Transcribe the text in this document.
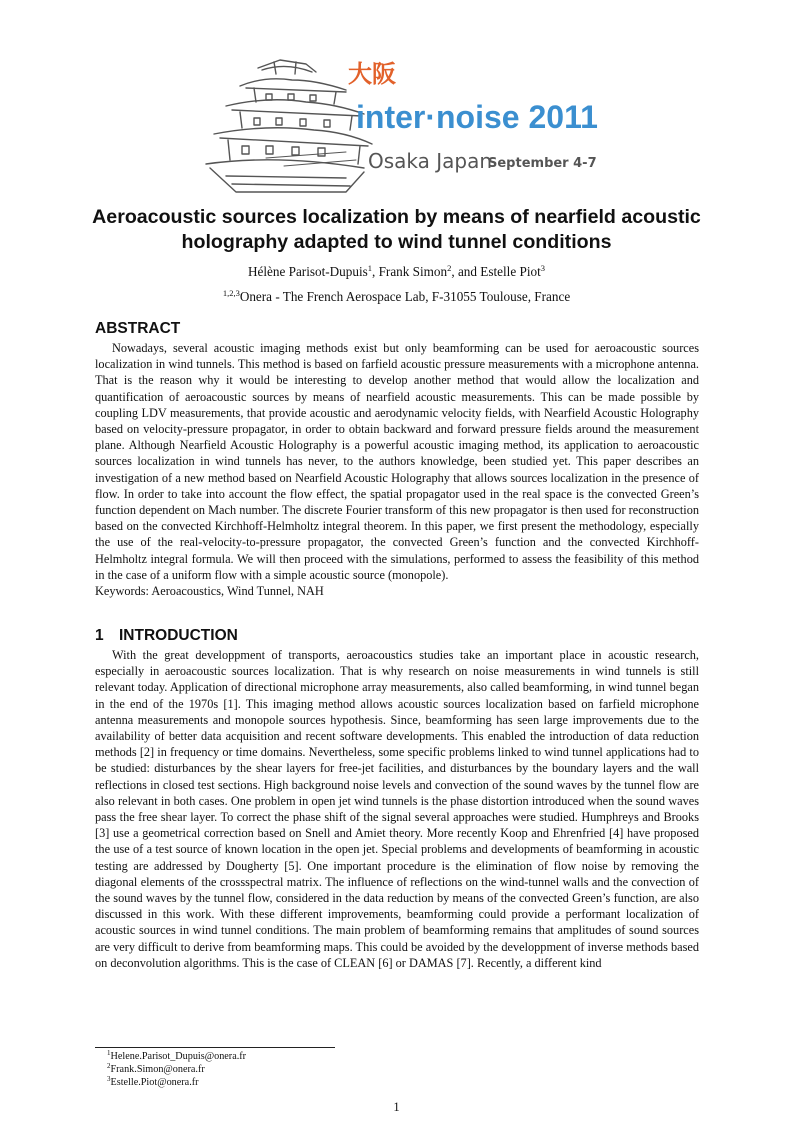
大阪
inter·noise 2011
Osaka Japan
September 4-7
Aeroacoustic sources localization by means of nearfield acoustic holography adapted to wind tunnel conditions
Hélène Parisot-Dupuis$^1$, Frank Simon$^2$, and Estelle Piot$^3$
$^{1,2,3}$Onera - The French Aerospace Lab, F-31055 Toulouse, France
ABSTRACT

Nowadays, several acoustic imaging methods exist but only beamforming can be used for aeroacoustic sources localization in wind tunnels. This method is based on farfield acoustic pressure measurements with a microphone antenna. That is the reason why it would be interesting to develop another method that would allow the localization and quantification of aeroacoustic sources by means of nearfield acoustic measurements. This can be made possible by coupling LDV measurements, that provide acoustic and aerodynamic velocity fields, with Nearfield Acoustic Holography based on velocity-pressure propagator, in order to obtain backward and forward pressure fields around the measurement plane. Although Nearfield Acoustic Holography is a powerful acoustic imaging method, its application to aeroacoustic sources localization in wind tunnels has never, to the authors knowledge, been studied yet. This paper describes an investigation of a new method based on Nearfield Acoustic Holography that allows sources localization in the presence of flow. In order to take into account the flow effect, the spatial propagator used in the real space is the convected Green’s function dependent on Mach number. The discrete Fourier transform of this new propagator is then used for reconstruction based on the convected Kirchhoff-Helmholtz integral theorem. In this paper, we first present the methodology, especially the use of the real-velocity-to-pressure propagator, the convected Green’s function and the convected Kirchhoff-Helmholtz integral formula. We will then proceed with the simulations, performed to assess the feasibility of this method in the case of a uniform flow with a simple acoustic source (monopole).

Keywords: Aeroacoustics, Wind Tunnel, NAH

1 INTRODUCTION

With the great developpment of transports, aeroacoustics studies take an important place in acoustic research, especially in aeroacoustic sources localization. That is why research on noise measurements in wind tunnels is still relevant today. Application of directional microphone array measurements, also called beamforming, in wind tunnel began in the end of the 1970s [1]. This imaging method allows acoustic sources localization based on farfield microphone antenna measurements and monopole sources hypothesis. Since, beamforming has seen large improvements due to the availability of better data acquisition and recent software developments. This enabled the introduction of data reduction methods [2] in frequency or time domains. Nevertheless, some specific problems linked to wind tunnel applications had to be studied: disturbances by the shear layers for free-jet facilities, and disturbances by the boundary layers and the wall reflections in closed test sections. High background noise levels and convection of the sound waves by the tunnel flow are also relevant in both cases. One problem in open jet wind tunnels is the phase distortion introduced when the sound waves pass the free shear layer. To correct the phase shift of the signal several approaches were studied. Humphreys and Brooks [3] use a geometrical correction based on Snell and Amiet theory. More recently Koop and Ehrenfried [4] have proposed the use of a test source of known location in the open jet. Special problems and developments of beamforming in acoustic testing are addressed by Dougherty [5]. One important procedure is the elimination of flow noise by removing the diagonal elements of the crossspectral matrix. The influence of reflections on the wind-tunnel walls and the convection of the sound waves by the tunnel flow, considered in the data reduction by means of the convected Green’s function, are also discussed in this work. With these different improvements, beamforming could provide a performant localization of acoustic sources in wind tunnel conditions. The main problem of beamforming remains that amplitudes of sound sources are very difficult to derive from beamforming maps. This could be avoided by the developpment of inverse methods based on deconvolution algorithms. This is the case of CLEAN [6] or DAMAS [7]. Recently, a different kind

$^1$Helene.Parisot_Dupuis@onera.fr
$^2$Frank.Simon@onera.fr
$^3$Estelle.Piot@onera.fr
1
